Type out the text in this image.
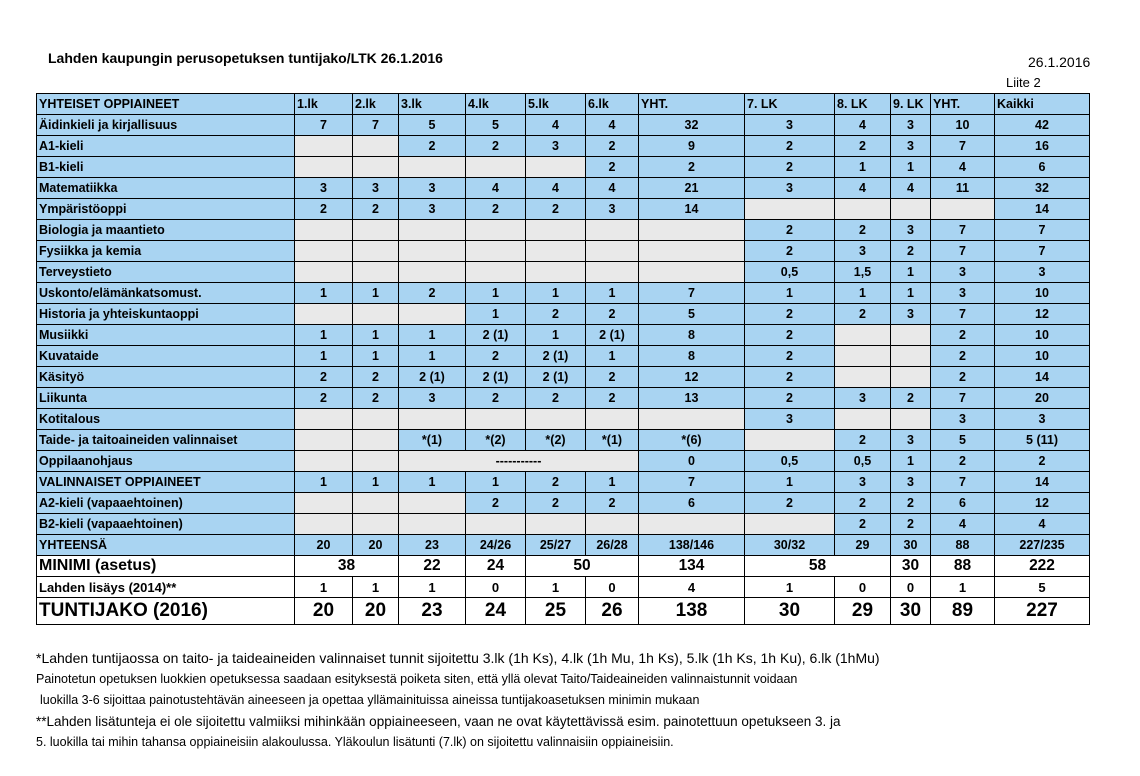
Lahden kaupungin perusopetuksen tuntijako/LTK 26.1.2016	26.1.2016
Liite 2
YHTEISET OPPIAINEET	1.lk	2.lk	3.lk	4.lk	5.lk	6.lk	YHT.	7. LK	8. LK	9. LK	YHT.	Kaikki
Äidinkieli ja kirjallisuus	7	7	5	5	4	4	32	3	4	3	10	42
A1-kieli			2	2	3	2	9	2	2	3	7	16
B1-kieli						2	2	2	1	1	4	6
Matematiikka	3	3	3	4	4	4	21	3	4	4	11	32
Ympäristöoppi	2	2	3	2	2	3	14					14
Biologia ja maantieto								2	2	3	7	7
Fysiikka ja kemia								2	3	2	7	7
Terveystieto								0,5	1,5	1	3	3
Uskonto/elämänkatsomust.	1	1	2	1	1	1	7	1	1	1	3	10
Historia ja yhteiskuntaoppi				1	2	2	5	2	2	3	7	12
Musiikki	1	1	1	2 (1)	1	2 (1)	8	2			2	10
Kuvataide	1	1	1	2	2 (1)	1	8	2			2	10
Käsityö	2	2	2 (1)	2 (1)	2 (1)	2	12	2			2	14
Liikunta	2	2	3	2	2	2	13	2	3	2	7	20
Kotitalous								3			3	3
Taide- ja taitoaineiden valinnaiset			*(1)	*(2)	*(2)	*(1)	*(6)		2	3	5	5 (11)
Oppilaanohjaus			-----------				0	0,5	0,5	1	2	2
VALINNAISET OPPIAINEET	1	1	1	1	2	1	7	1	3	3	7	14
A2-kieli (vapaaehtoinen)				2	2	2	6	2	2	2	6	12
B2-kieli (vapaaehtoinen)									2	2	4	4
YHTEENSÄ	20	20	23	24/26	25/27	26/28	138/146	30/32	29	30	88	227/235
MINIMI (asetus)	38		22	24	50		134	58		30	88	222
Lahden lisäys (2014)**	1	1	1	0	1	0	4	1	0	0	1	5
TUNTIJAKO (2016)	20	20	23	24	25	26	138	30	29	30	89	227
*Lahden tuntijaossa on taito- ja taideaineiden valinnaiset tunnit sijoitettu 3.lk (1h Ks), 4.lk (1h Mu, 1h Ks), 5.lk (1h Ks, 1h Ku), 6.lk (1hMu)
Painotetun opetuksen luokkien opetuksessa saadaan esityksestä poiketa siten, että yllä olevat Taito/Taideaineiden valinnaistunnit voidaan
luokilla 3-6 sijoittaa painotustehtävän aineeseen ja opettaa yllämainituissa aineissa tuntijakoasetuksen minimin mukaan
**Lahden lisätunteja ei ole sijoitettu valmiiksi mihinkään oppiaineeseen, vaan ne ovat käytettävissä esim. painotettuun opetukseen 3. ja
5. luokilla tai mihin tahansa oppiaineisiin alakoulussa. Yläkoulun lisätunti (7.lk) on sijoitettu valinnaisiin oppiaineisiin.
